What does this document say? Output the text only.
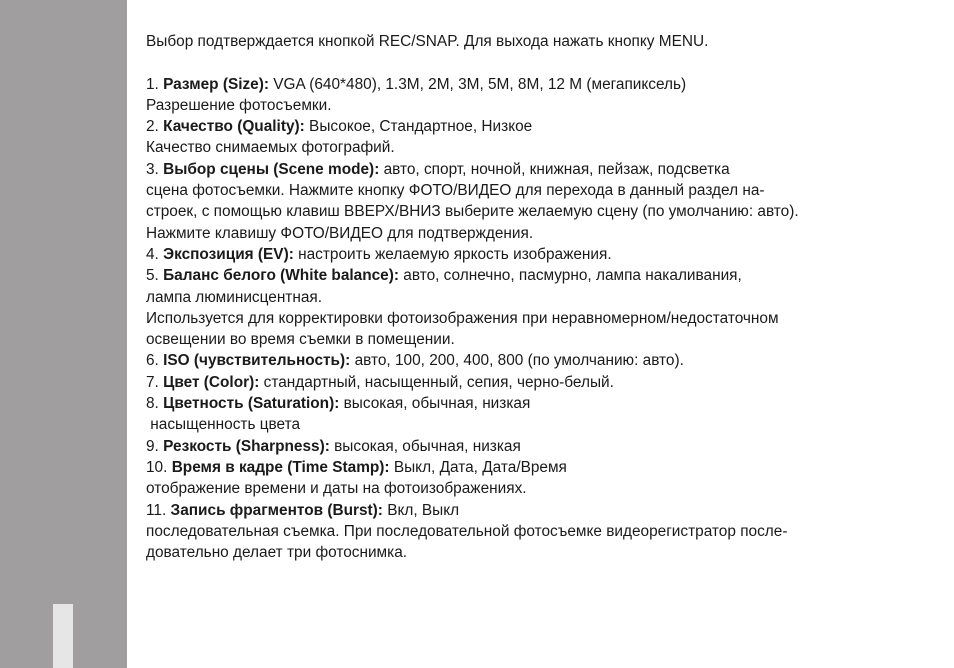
Выбор подтверждается кнопкой REC/SNAP. Для выхода нажать кнопку MENU.
1. Размер (Size): VGA (640*480), 1.3M, 2M, 3M, 5M, 8M, 12 M (мегапиксель)
Разрешение фотосъемки.
2. Качество (Quality): Высокое, Стандартное, Низкое
Качество снимаемых фотографий.
3. Выбор сцены (Scene mode): авто, спорт, ночной, книжная, пейзаж, подсветка
сцена фотосъемки. Нажмите кнопку ФОТО/ВИДЕО для перехода в данный раздел на-
строек, с помощью клавиш ВВЕРХ/ВНИЗ выберите желаемую сцену (по умолчанию: авто).
Нажмите клавишу ФОТО/ВИДЕО для подтверждения.
4. Экспозиция (EV): настроить желаемую яркость изображения.
5. Баланс белого (White balance): авто, солнечно, пасмурно, лампа накаливания,
лампа люминисцентная.
Используется для корректировки фотоизображения при неравномерном/недостаточном
освещении во время съемки в помещении.
6. ISO (чувствительность): авто, 100, 200, 400, 800 (по умолчанию: авто).
7. Цвет (Color): стандартный, насыщенный, сепия, черно-белый.
8. Цветность (Saturation): высокая, обычная, низкая
насыщенность цвета
9. Резкость (Sharpness): высокая, обычная, низкая
10. Время в кадре (Time Stamp): Выкл, Дата, Дата/Время
отображение времени и даты на фотоизображениях.
11. Запись фрагментов (Burst): Вкл, Выкл
последовательная съемка. При последовательной фотосъемке видеорегистратор после-
довательно делает три фотоснимка.
